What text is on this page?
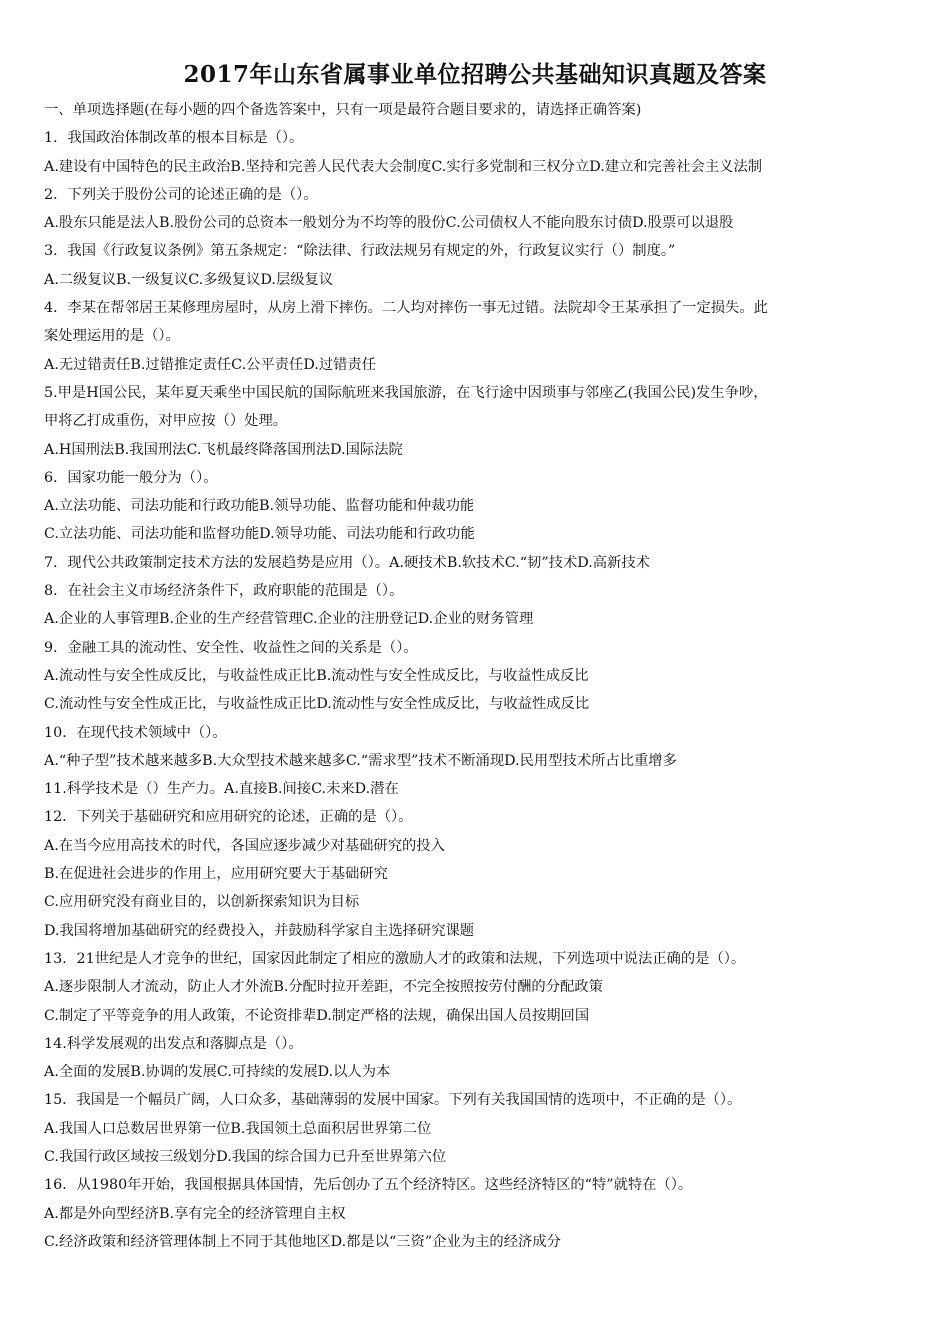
2017年山东省属事业单位招聘公共基础知识真题及答案
一、单项选择题(在每小题的四个备选答案中，只有一项是最符合题目要求的，请选择正确答案)
1．我国政治体制改革的根本目标是（）。
A.建设有中国特色的民主政治B.坚持和完善人民代表大会制度C.实行多党制和三权分立D.建立和完善社会主义法制
2．下列关于股份公司的论述正确的是（）。
A.股东只能是法人B.股份公司的总资本一般划分为不均等的股份C.公司债权人不能向股东讨债D.股票可以退股
3．我国《行政复议条例》第五条规定：“除法律、行政法规另有规定的外，行政复议实行（）制度。”
A.二级复议B.一级复议C.多级复议D.层级复议
4．李某在帮邻居王某修理房屋时，从房上滑下摔伤。二人均对摔伤一事无过错。法院却令王某承担了一定损失。此
案处理运用的是（）。
A.无过错责任B.过错推定责任C.公平责任D.过错责任
5.甲是H国公民，某年夏天乘坐中国民航的国际航班来我国旅游，在飞行途中因琐事与邻座乙(我国公民)发生争吵，
甲将乙打成重伤，对甲应按（）处理。
A.H国刑法B.我国刑法C.飞机最终降落国刑法D.国际法院
6．国家功能一般分为（）。
A.立法功能、司法功能和行政功能B.领导功能、监督功能和仲裁功能
C.立法功能、司法功能和监督功能D.领导功能、司法功能和行政功能
7．现代公共政策制定技术方法的发展趋势是应用（）。A.硬技术B.软技术C.“韧”技术D.高新技术
8．在社会主义市场经济条件下，政府职能的范围是（）。
A.企业的人事管理B.企业的生产经营管理C.企业的注册登记D.企业的财务管理
9．金融工具的流动性、安全性、收益性之间的关系是（）。
A.流动性与安全性成反比，与收益性成正比B.流动性与安全性成反比，与收益性成反比
C.流动性与安全性成正比，与收益性成正比D.流动性与安全性成反比，与收益性成反比
10．在现代技术领域中（）。
A.“种子型”技术越来越多B.大众型技术越来越多C.“需求型”技术不断涌现D.民用型技术所占比重增多
11.科学技术是（）生产力。A.直接B.间接C.未来D.潜在
12．下列关于基础研究和应用研究的论述，正确的是（）。
A.在当今应用高技术的时代，各国应逐步减少对基础研究的投入
B.在促进社会进步的作用上，应用研究要大于基础研究
C.应用研究没有商业目的，以创新探索知识为目标
D.我国将增加基础研究的经费投入，并鼓励科学家自主选择研究课题
13．21世纪是人才竞争的世纪，国家因此制定了相应的激励人才的政策和法规，下列选项中说法正确的是（）。
A.逐步限制人才流动，防止人才外流B.分配时拉开差距，不完全按照按劳付酬的分配政策
C.制定了平等竞争的用人政策，不论资排辈D.制定严格的法规，确保出国人员按期回国
14.科学发展观的出发点和落脚点是（）。
A.全面的发展B.协调的发展C.可持续的发展D.以人为本
15．我国是一个幅员广阔，人口众多，基础薄弱的发展中国家。下列有关我国国情的选项中，不正确的是（）。
A.我国人口总数居世界第一位B.我国领土总面积居世界第二位
C.我国行政区域按三级划分D.我国的综合国力已升至世界第六位
16．从1980年开始，我国根据具体国情，先后创办了五个经济特区。这些经济特区的“特”就特在（）。
A.都是外向型经济B.享有完全的经济管理自主权
C.经济政策和经济管理体制上不同于其他地区D.都是以“三资”企业为主的经济成分
